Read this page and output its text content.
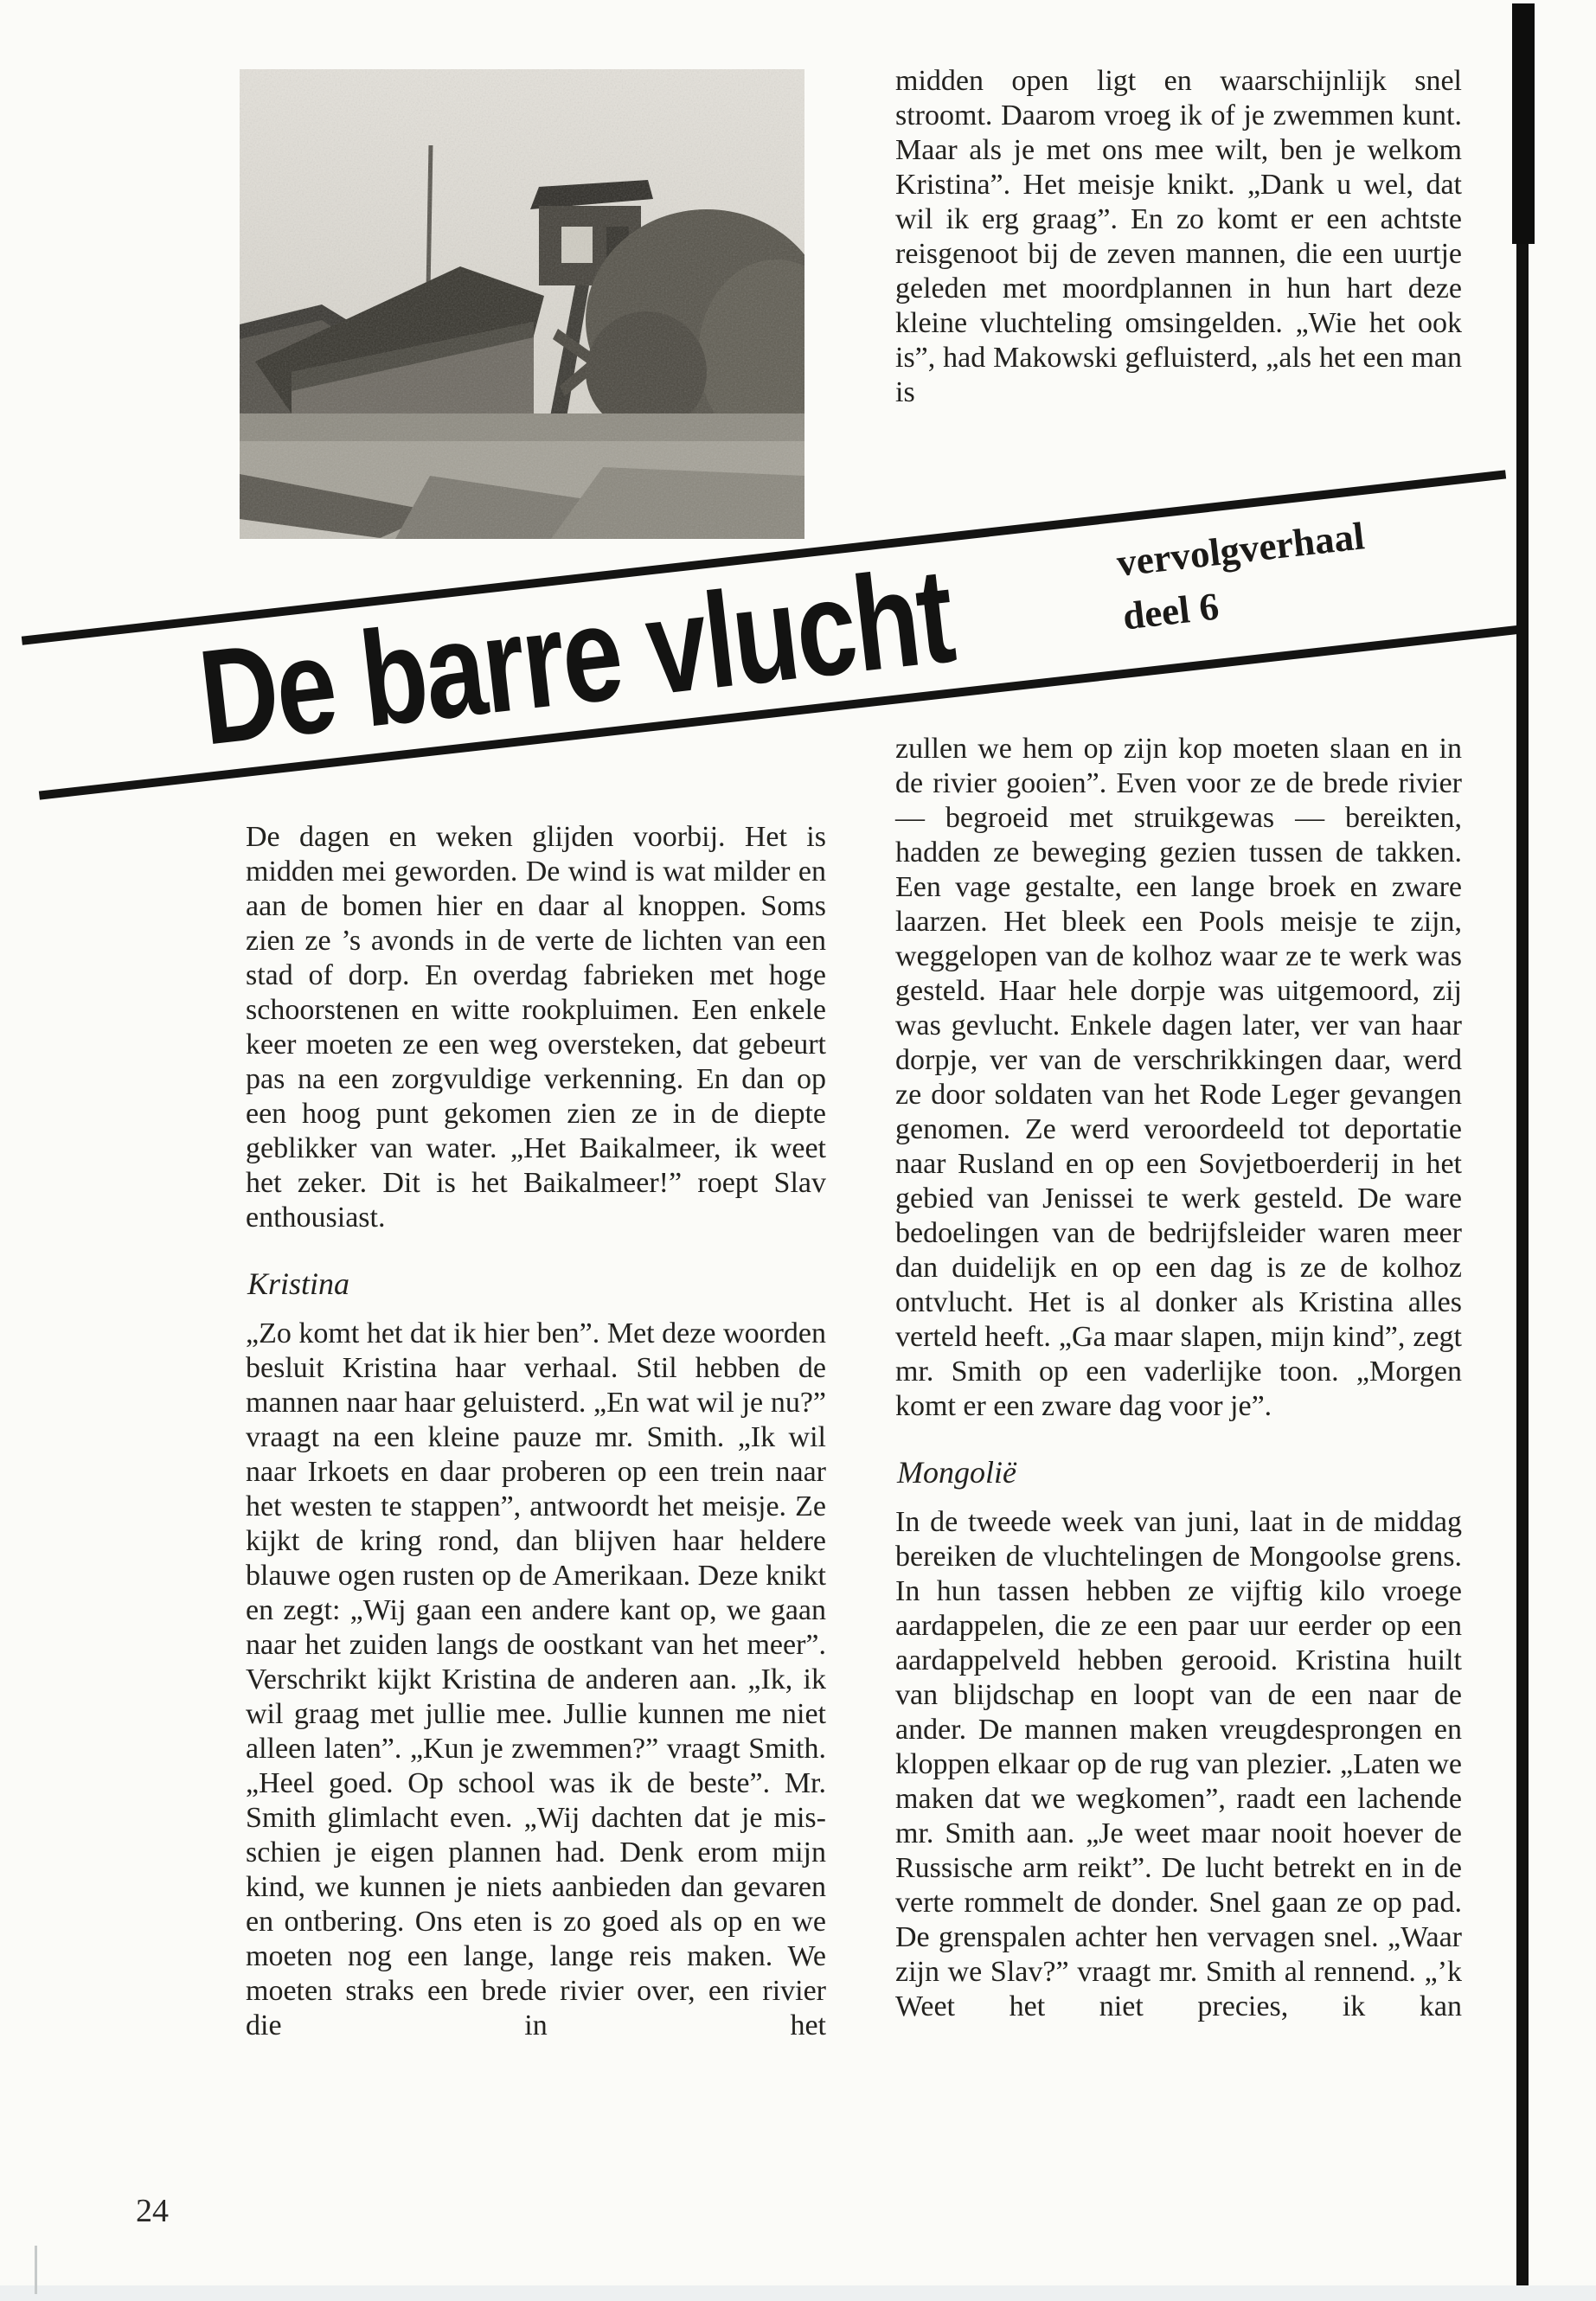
midden open ligt en waarschijnlijk snel stroomt. Daarom vroeg ik of je zwemmen kunt. Maar als je met ons mee wilt, ben je welkom Kristina”. Het meisje knikt. „Dank u wel, dat wil ik erg graag”. En zo komt er een achtste reisgenoot bij de zeven mannen, die een uurtje geleden met moordplannen in hun hart deze kleine vluchteling omsingelden. „Wie het ook is”, had Makowski gefluisterd, „als het een man is

De barre vlucht	vervolgverhaal
deel 6

De dagen en weken glijden voorbij. Het is midden mei geworden. De wind is wat milder en aan de bomen hier en daar al knoppen. Soms zien ze ’s avonds in de verte de lichten van een stad of dorp. En overdag fabrieken met hoge schoorstenen en witte rookpluimen. Een enkele keer moeten ze een weg oversteken, dat gebeurt pas na een zorgvuldige verkenning. En dan op een hoog punt gekomen zien ze in de diepte geblikker van water. „Het Baikalmeer, ik weet het zeker. Dit is het Baikalmeer!” roept Slav enthousiast.

Kristina

„Zo komt het dat ik hier ben”. Met deze woorden besluit Kristina haar verhaal. Stil hebben de mannen naar haar geluisterd. „En wat wil je nu?” vraagt na een kleine pauze mr. Smith. „Ik wil naar Irkoets en daar proberen op een trein naar het westen te stappen”, antwoordt het meisje. Ze kijkt de kring rond, dan blijven haar heldere blauwe ogen rusten op de Amerikaan. Deze knikt en zegt: „Wij gaan een andere kant op, we gaan naar het zuiden langs de oostkant van het meer”. Verschrikt kijkt Kristina de anderen aan. „Ik, ik wil graag met jullie mee. Jullie kunnen me niet alleen laten”. „Kun je zwemmen?” vraagt Smith. „Heel goed. Op school was ik de beste”. Mr. Smith glimlacht even. „Wij dachten dat je misschien je eigen plannen had. Denk erom mijn kind, we kunnen je niets aanbieden dan gevaren en ontbering. Ons eten is zo goed als op en we moeten nog een lange, lange reis maken. We moeten straks een brede rivier over, een rivier die in het

zullen we hem op zijn kop moeten slaan en in de rivier gooien”. Even voor ze de brede rivier — begroeid met struikgewas — bereikten, hadden ze beweging gezien tussen de takken. Een vage gestalte, een lange broek en zware laarzen. Het bleek een Pools meisje te zijn, weggelopen van de kolhoz waar ze te werk was gesteld. Haar hele dorpje was uitgemoord, zij was gevlucht. Enkele dagen later, ver van haar dorpje, ver van de verschrikkingen daar, werd ze door soldaten van het Rode Leger gevangen genomen. Ze werd veroordeeld tot deportatie naar Rusland en op een Sovjetboerderij in het gebied van Jenissei te werk gesteld. De ware bedoelingen van de bedrijfsleider waren meer dan duidelijk en op een dag is ze de kolhoz ontvlucht. Het is al donker als Kristina alles verteld heeft. „Ga maar slapen, mijn kind”, zegt mr. Smith op een vaderlijke toon. „Morgen komt er een zware dag voor je”.

Mongolië

In de tweede week van juni, laat in de middag bereiken de vluchtelingen de Mongoolse grens. In hun tassen hebben ze vijftig kilo vroege aardappelen, die ze een paar uur eerder op een aardappelveld hebben gerooid. Kristina huilt van blijdschap en loopt van de een naar de ander. De mannen maken vreugdesprongen en kloppen elkaar op de rug van plezier. „Laten we maken dat we wegkomen”, raadt een lachende mr. Smith aan. „Je weet maar nooit hoever de Russische arm reikt”. De lucht betrekt en in de verte rommelt de donder. Snel gaan ze op pad. De grenspalen achter hen vervagen snel. „Waar zijn we Slav?” vraagt mr. Smith al rennend. „’k Weet het niet precies, ik kan

24
